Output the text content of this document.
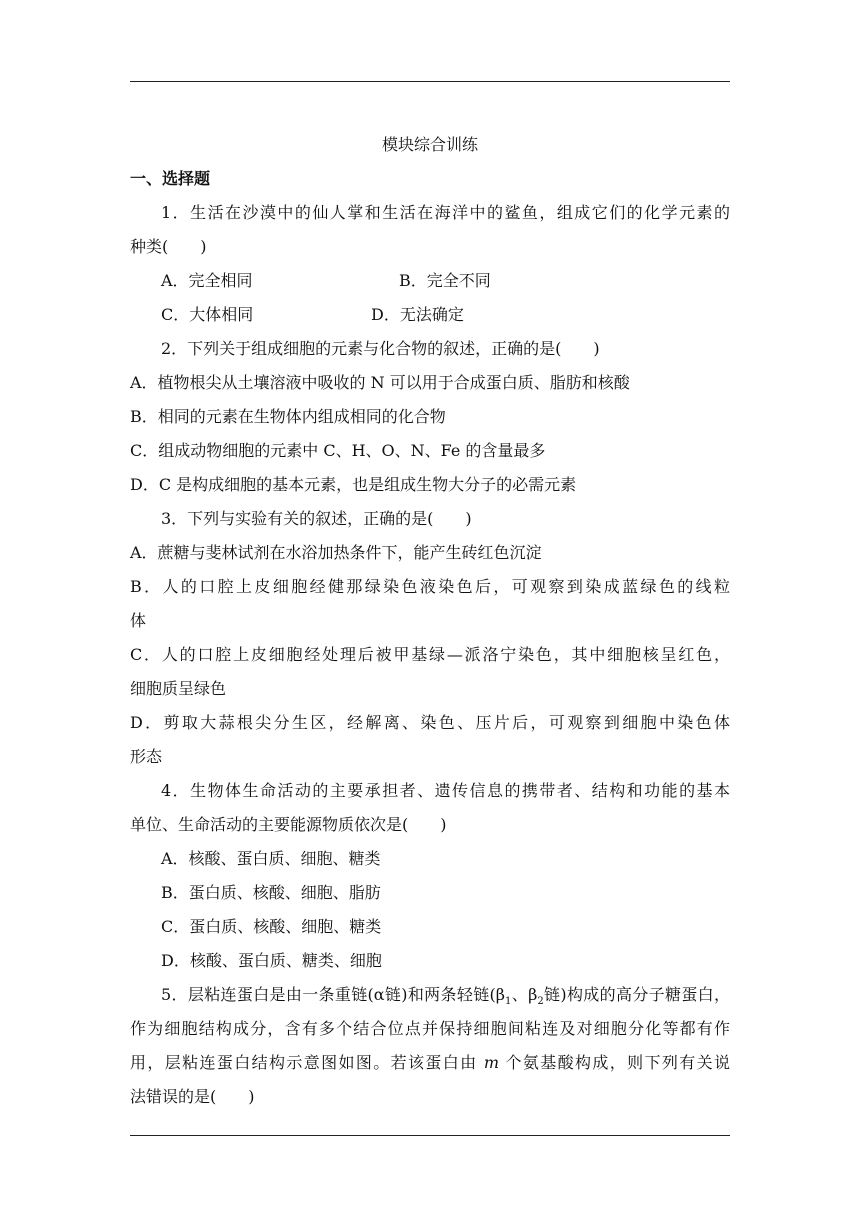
模块综合训练
一、选择题
1．生活在沙漠中的仙人掌和生活在海洋中的鲨鱼，组成它们的化学元素的
种类(　　)
A．完全相同	B．完全不同
C．大体相同	D．无法确定
2．下列关于组成细胞的元素与化合物的叙述，正确的是(　　)
A．植物根尖从土壤溶液中吸收的 N 可以用于合成蛋白质、脂肪和核酸
B．相同的元素在生物体内组成相同的化合物
C．组成动物细胞的元素中 C、H、O、N、Fe 的含量最多
D．C 是构成细胞的基本元素，也是组成生物大分子的必需元素
3．下列与实验有关的叙述，正确的是(　　)
A．蔗糖与斐林试剂在水浴加热条件下，能产生砖红色沉淀
B．人的口腔上皮细胞经健那绿染色液染色后，可观察到染成蓝绿色的线粒
体
C．人的口腔上皮细胞经处理后被甲基绿—派洛宁染色，其中细胞核呈红色，
细胞质呈绿色
D．剪取大蒜根尖分生区，经解离、染色、压片后，可观察到细胞中染色体
形态
4．生物体生命活动的主要承担者、遗传信息的携带者、结构和功能的基本
单位、生命活动的主要能源物质依次是(　　)
A．核酸、蛋白质、细胞、糖类
B．蛋白质、核酸、细胞、脂肪
C．蛋白质、核酸、细胞、糖类
D．核酸、蛋白质、糖类、细胞
5．层粘连蛋白是由一条重链(α链)和两条轻链($\beta_1$、$\beta_2$链)构成的高分子糖蛋白，
作为细胞结构成分，含有多个结合位点并保持细胞间粘连及对细胞分化等都有作
用，层粘连蛋白结构示意图如图。若该蛋白由 m 个氨基酸构成，则下列有关说
法错误的是(　　)
